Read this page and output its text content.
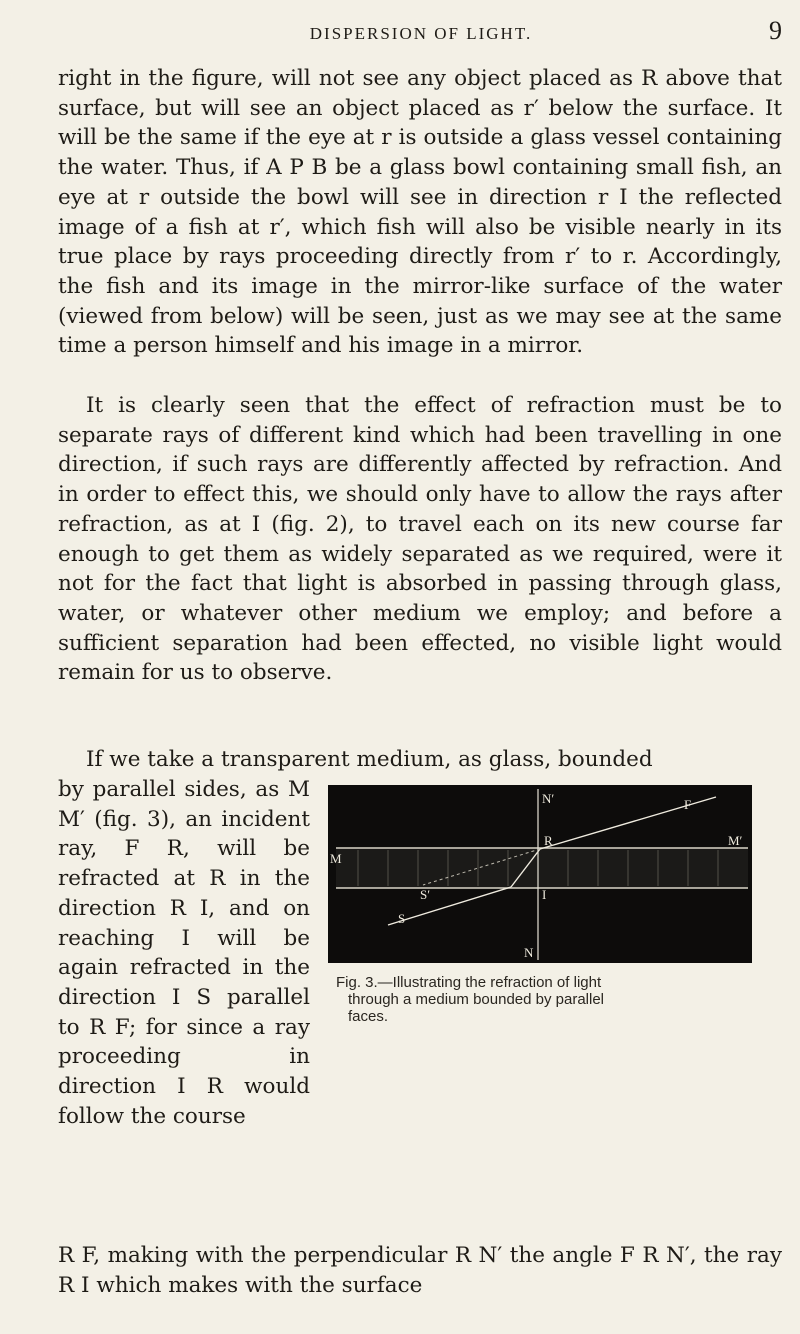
DISPERSION OF LIGHT.	9

right in the figure, will not see any object placed as R above that surface, but will see an object placed as r′ below the surface. It will be the same if the eye at r is outside a glass vessel containing the water. Thus, if A P B be a glass bowl containing small fish, an eye at r outside the bowl will see in direction r I the reflected image of a fish at r′, which fish will also be visible nearly in its true place by rays proceeding directly from r′ to r. Accordingly, the fish and its image in the mirror-like surface of the water (viewed from below) will be seen, just as we may see at the same time a person himself and his image in a mirror.

It is clearly seen that the effect of refraction must be to separate rays of different kind which had been travelling in one direction, if such rays are differently affected by refraction. And in order to effect this, we should only have to allow the rays after refraction, as at I (fig. 2), to travel each on its new course far enough to get them as widely separated as we required, were it not for the fact that light is absorbed in passing through glass, water, or whatever other medium we employ; and before a sufficient separation had been effected, no visible light would remain for us to observe.

If we take a transparent medium, as glass, bounded

by parallel sides, as M M′ (fig. 3), an incident ray, F R, will be refracted at R in the direction R I, and on reaching I will be again refracted in the direction I S parallel to R F; for since a ray proceeding in direction I R would follow the course

N′	F
R
M
M′
I
S′
S
N
Fig. 3.—Illustrating the refraction of light
through a medium bounded by parallel
faces.

R F, making with the perpendicular R N′ the angle F R N′, the ray R I which makes with the surface
